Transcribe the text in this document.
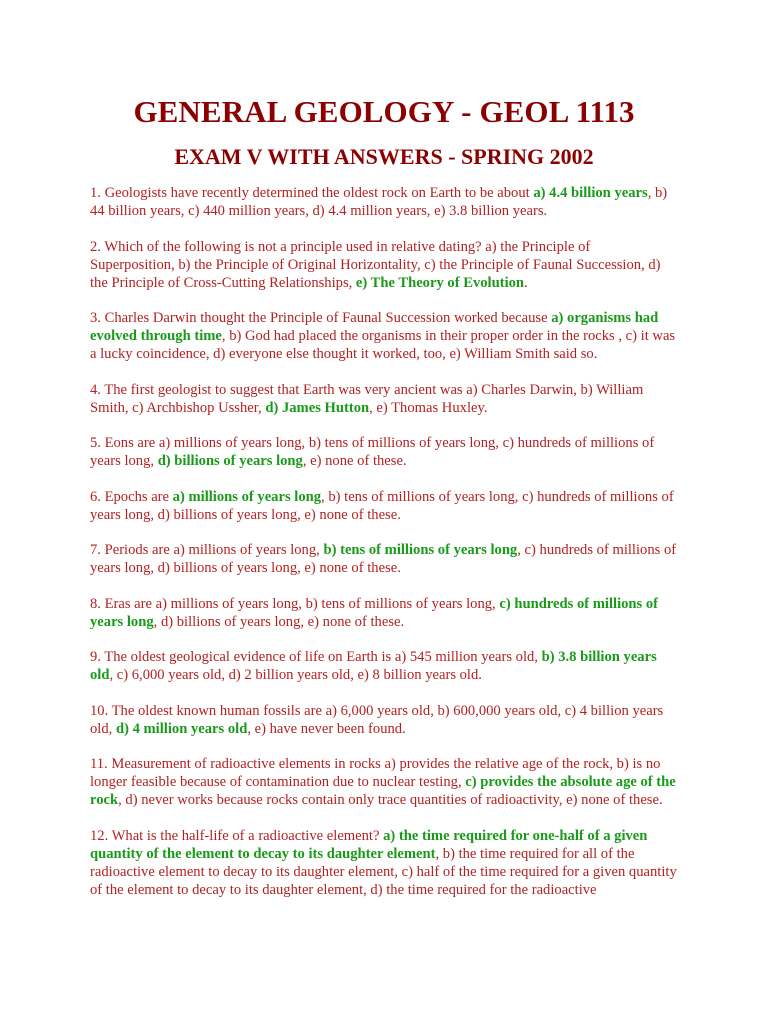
GENERAL GEOLOGY - GEOL 1113
EXAM V WITH ANSWERS - SPRING 2002

1. Geologists have recently determined the oldest rock on Earth to be about a) 4.4 billion years, b) 44 billion years, c) 440 million years, d) 4.4 million years, e) 3.8 billion years.

2. Which of the following is not a principle used in relative dating? a) the Principle of Superposition, b) the Principle of Original Horizontality, c) the Principle of Faunal Succession, d) the Principle of Cross-Cutting Relationships, e) The Theory of Evolution.

3. Charles Darwin thought the Principle of Faunal Succession worked because a) organisms had evolved through time, b) God had placed the organisms in their proper order in the rocks , c) it was a lucky coincidence, d) everyone else thought it worked, too, e) William Smith said so.

4. The first geologist to suggest that Earth was very ancient was a) Charles Darwin, b) William Smith, c) Archbishop Ussher, d) James Hutton, e) Thomas Huxley.

5. Eons are a) millions of years long, b) tens of millions of years long, c) hundreds of millions of years long, d) billions of years long, e) none of these.

6. Epochs are a) millions of years long, b) tens of millions of years long, c) hundreds of millions of years long, d) billions of years long, e) none of these.

7. Periods are a) millions of years long, b) tens of millions of years long, c) hundreds of millions of years long, d) billions of years long, e) none of these.

8. Eras are a) millions of years long, b) tens of millions of years long, c) hundreds of millions of years long, d) billions of years long, e) none of these.

9. The oldest geological evidence of life on Earth is a) 545 million years old, b) 3.8 billion years old, c) 6,000 years old, d) 2 billion years old, e) 8 billion years old.

10. The oldest known human fossils are a) 6,000 years old, b) 600,000 years old, c) 4 billion years old, d) 4 million years old, e) have never been found.

11. Measurement of radioactive elements in rocks a) provides the relative age of the rock, b) is no longer feasible because of contamination due to nuclear testing, c) provides the absolute age of the rock, d) never works because rocks contain only trace quantities of radioactivity, e) none of these.

12. What is the half-life of a radioactive element? a) the time required for one-half of a given quantity of the element to decay to its daughter element, b) the time required for all of the radioactive element to decay to its daughter element, c) half of the time required for a given quantity of the element to decay to its daughter element, d) the time required for the radioactive
